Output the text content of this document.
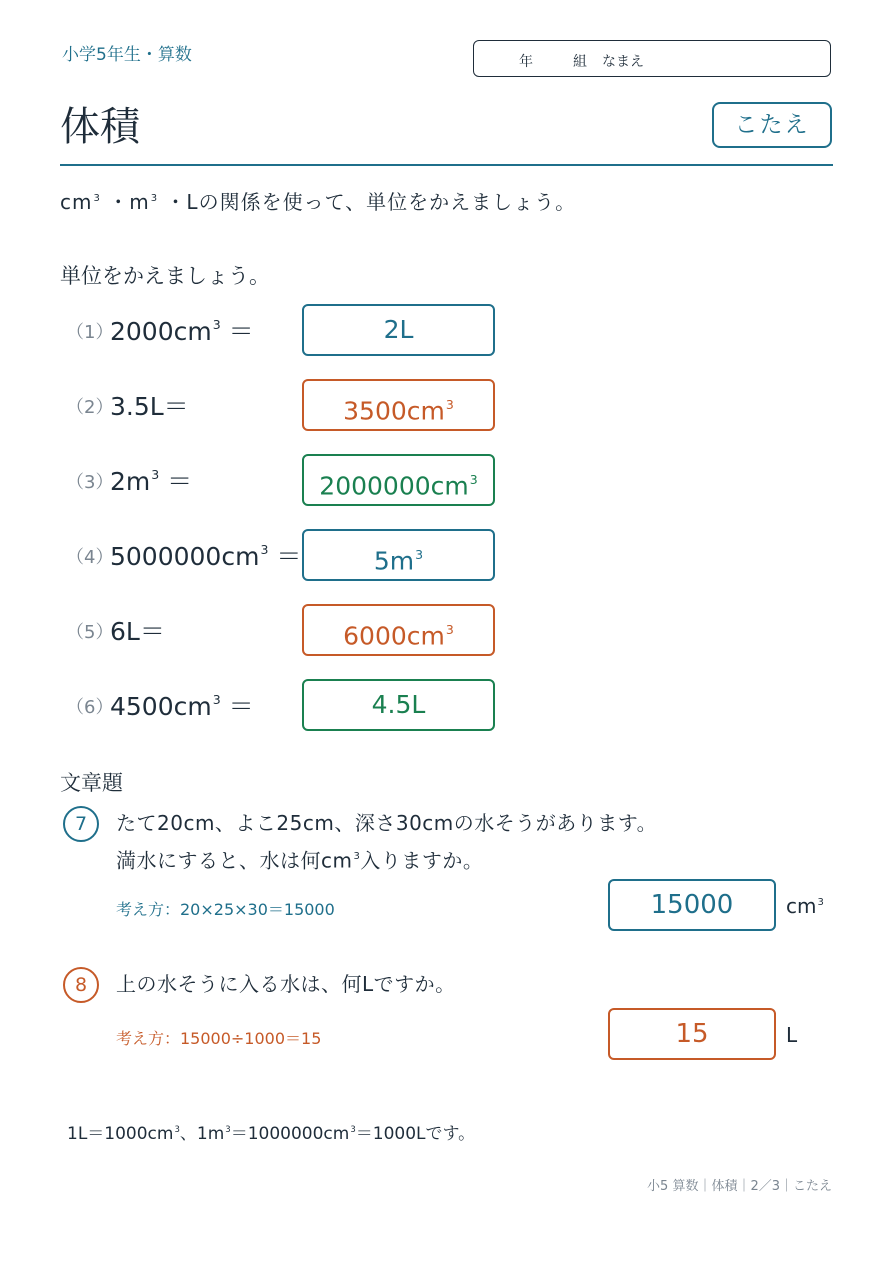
小学5年生・算数	年	組 なまえ
体積	こたえ
$cm^3$ ・$m^3$ ・Lの関係を使って、単位をかえましょう。
単位をかえましょう。
（1）
$2000cm^3$ ＝	2L
（2）
3.5L＝	$3500cm^3$
（3）
$2m^3$ ＝	$2000000cm^3$
（4）
$5000000cm^3$ ＝	$5m^3$
（5）
6L＝	$6000cm^3$
（6）
$4500cm^3$ ＝	4.5L
文章題
7	たて20cm、よこ25cm、深さ30cmの水そうがあります。
満水にすると、水は何$cm^3$入りますか。
考え方：20×25×30＝15000	15000	$cm^3$
8	上の水そうに入る水は、何Lですか。
考え方：15000÷1000＝15	15	L
$1L=1000cm^3$、$1m^3=1000000cm^3=1000L$です。
小5 算数｜体積｜2／3｜こたえ
